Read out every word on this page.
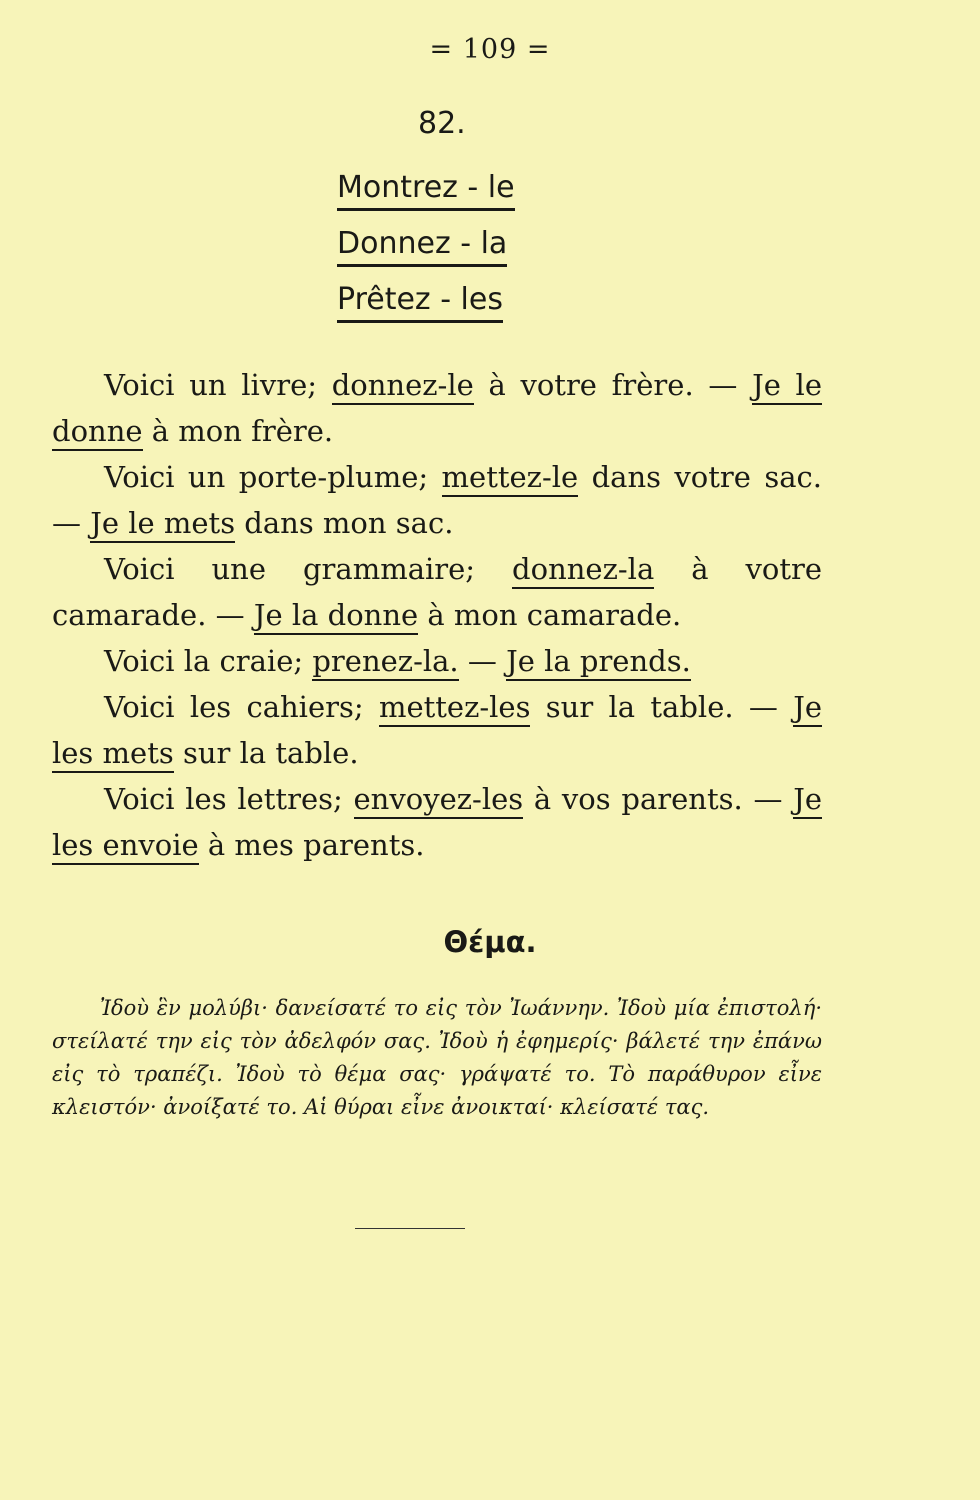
= 109 =
82.
Montrez - le
Donnez - la
Prêtez - les

Voici un livre; donnez-le à votre frère. — Je le donne à mon frère.

Voici un porte-plume; mettez-le dans votre sac. — Je le mets dans mon sac.

Voici une grammaire; donnez-la à votre camarade. — Je la donne à mon camarade.

Voici la craie; prenez-la. — Je la prends.

Voici les cahiers; mettez-les sur la table. — Je les mets sur la table.

Voici les lettres; envoyez-les à vos parents. — Je les envoie à mes parents.

Θέμα.
Ἰδοὺ ἓν μολύβι· δανείσατέ το εἰς τὸν Ἰωάννην. Ἰδοὺ μία ἐπιστολή· στείλατέ την εἰς τὸν ἀδελφόν σας. Ἰδοὺ ἡ ἐφημερίς· βάλετέ την ἐπάνω εἰς τὸ τραπέζι. Ἰδοὺ τὸ θέμα σας· γράψατέ το. Τὸ παράθυρον εἶνε κλειστόν· ἀνοίξατέ το. Αἱ θύραι εἶνε ἀνοικταί· κλείσατέ τας.
